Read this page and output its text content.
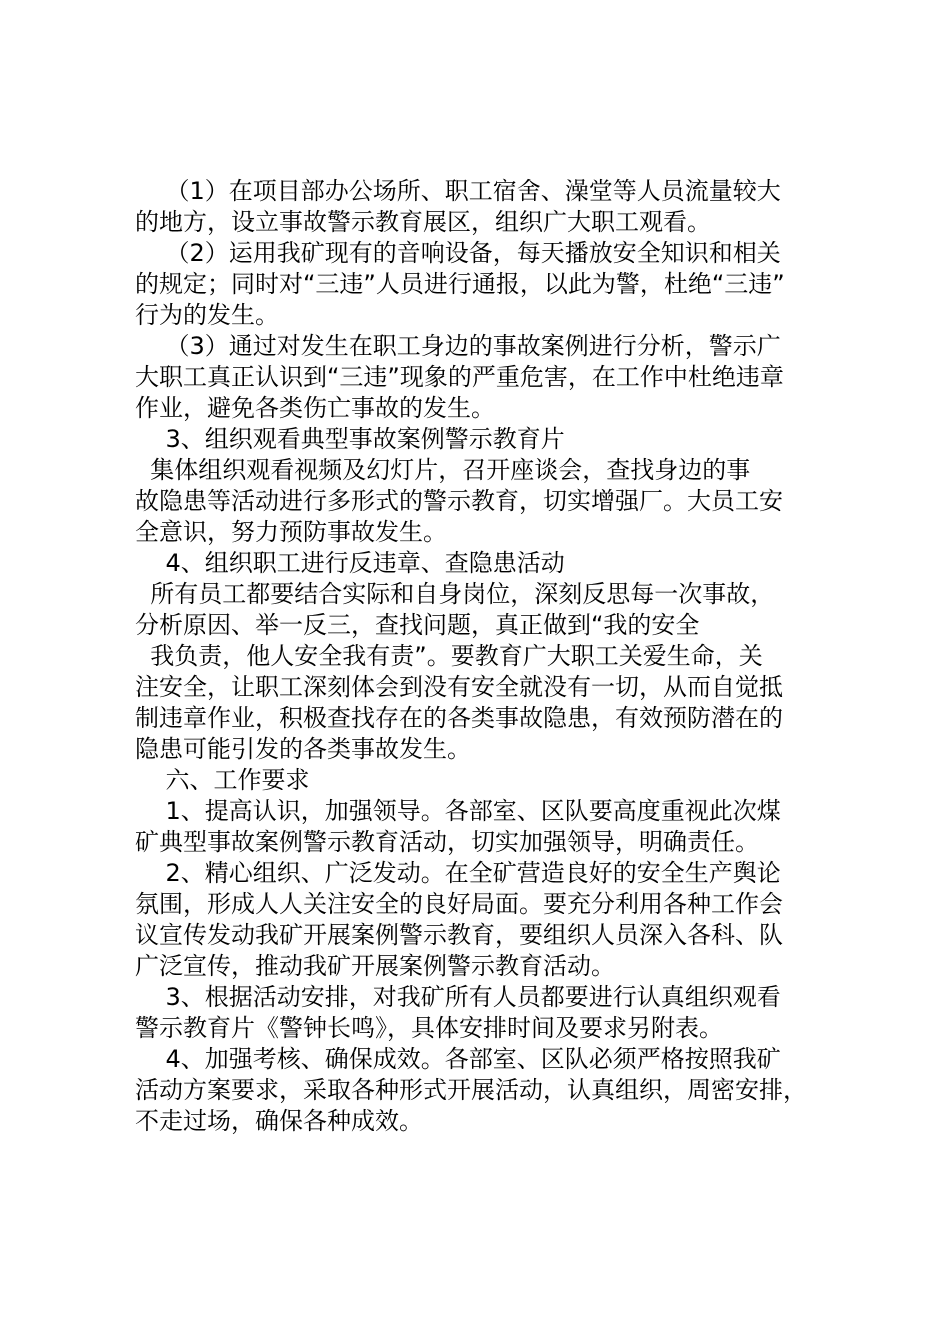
（1）在项目部办公场所、职工宿舍、澡堂等人员流量较大
的地方，设立事故警示教育展区，组织广大职工观看。
（2）运用我矿现有的音响设备，每天播放安全知识和相关
的规定；同时对“三违”人员进行通报，以此为警，杜绝“三违”
行为的发生。
（3）通过对发生在职工身边的事故案例进行分析，警示广
大职工真正认识到“三违”现象的严重危害，在工作中杜绝违章
作业，避免各类伤亡事故的发生。
3、组织观看典型事故案例警示教育片
集体组织观看视频及幻灯片，召开座谈会，查找身边的事
故隐患等活动进行多形式的警示教育，切实增强厂。大员工安
全意识，努力预防事故发生。
4、组织职工进行反违章、查隐患活动
所有员工都要结合实际和自身岗位，深刻反思每一次事故，
分析原因、举一反三，查找问题，真正做到“我的安全
我负责，他人安全我有责”。要教育广大职工关爱生命，关
注安全，让职工深刻体会到没有安全就没有一切，从而自觉抵
制违章作业，积极查找存在的各类事故隐患，有效预防潜在的
隐患可能引发的各类事故发生。
六、工作要求
1、提高认识，加强领导。各部室、区队要高度重视此次煤
矿典型事故案例警示教育活动，切实加强领导，明确责任。
2、精心组织、广泛发动。在全矿营造良好的安全生产舆论
氛围，形成人人关注安全的良好局面。要充分利用各种工作会
议宣传发动我矿开展案例警示教育，要组织人员深入各科、队
广泛宣传，推动我矿开展案例警示教育活动。
3、根据活动安排，对我矿所有人员都要进行认真组织观看
警示教育片《警钟长鸣》，具体安排时间及要求另附表。
4、加强考核、确保成效。各部室、区队必须严格按照我矿
活动方案要求，采取各种形式开展活动，认真组织，周密安排，
不走过场，确保各种成效。
